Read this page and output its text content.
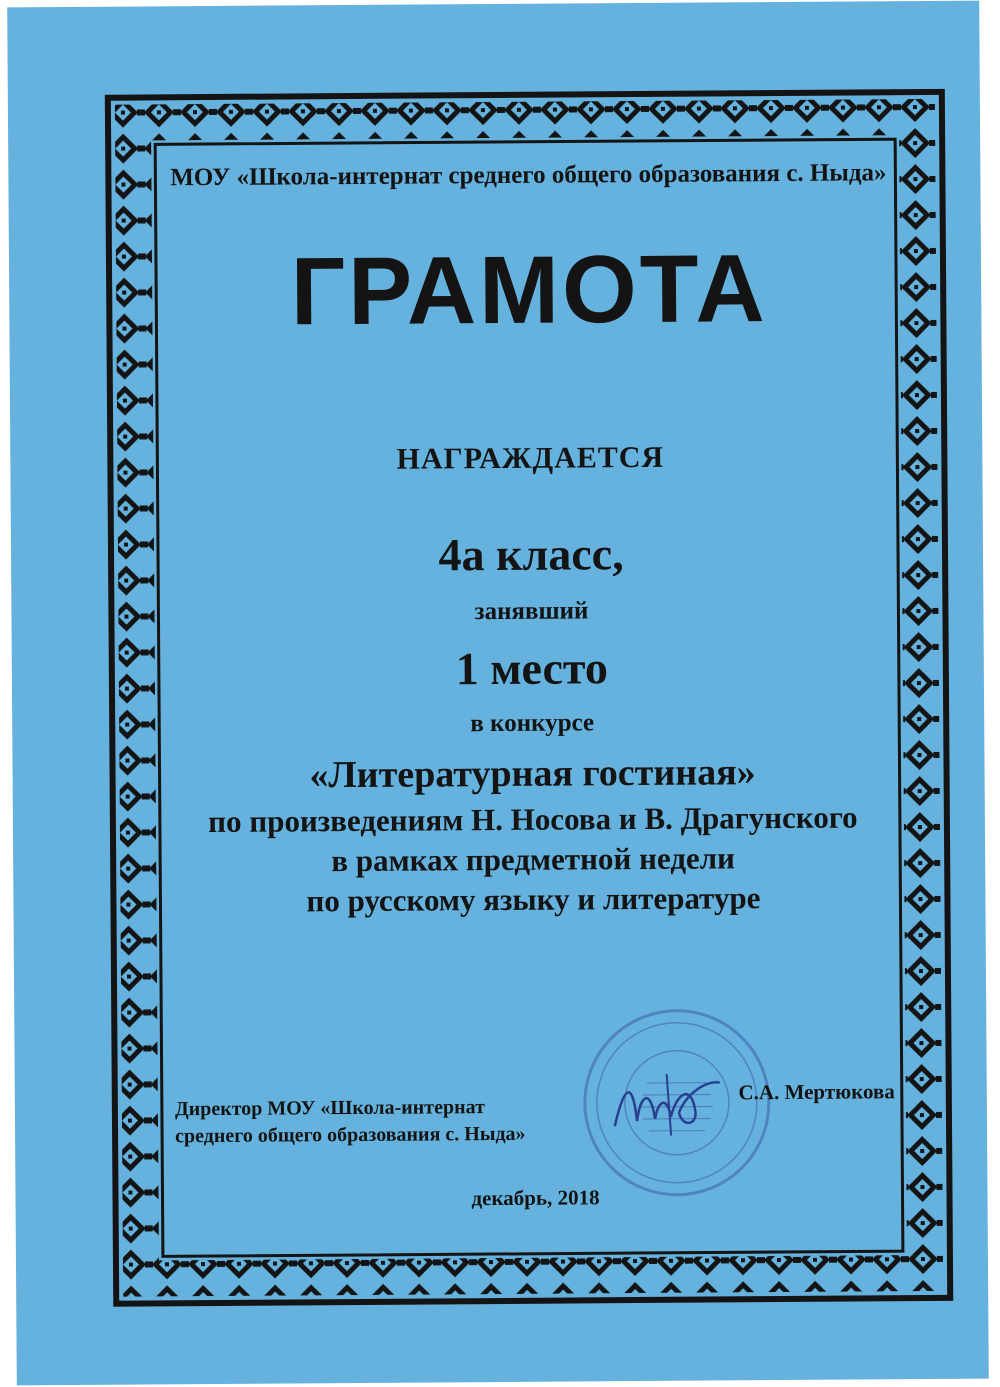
МОУ «Школа-интернат среднего общего образования с. Ныда»
ГРАМОТА
НАГРАЖДАЕТСЯ
4а класс,
занявший
1 место
в конкурсе
«Литературная гостиная»
по произведениям Н. Носова и В. Драгунского
в рамках предметной недели
по русскому языку и литературе
Директор МОУ «Школа-интернат
среднего общего образования с. Ныда»
С.А. Мертюкова
декабрь, 2018
